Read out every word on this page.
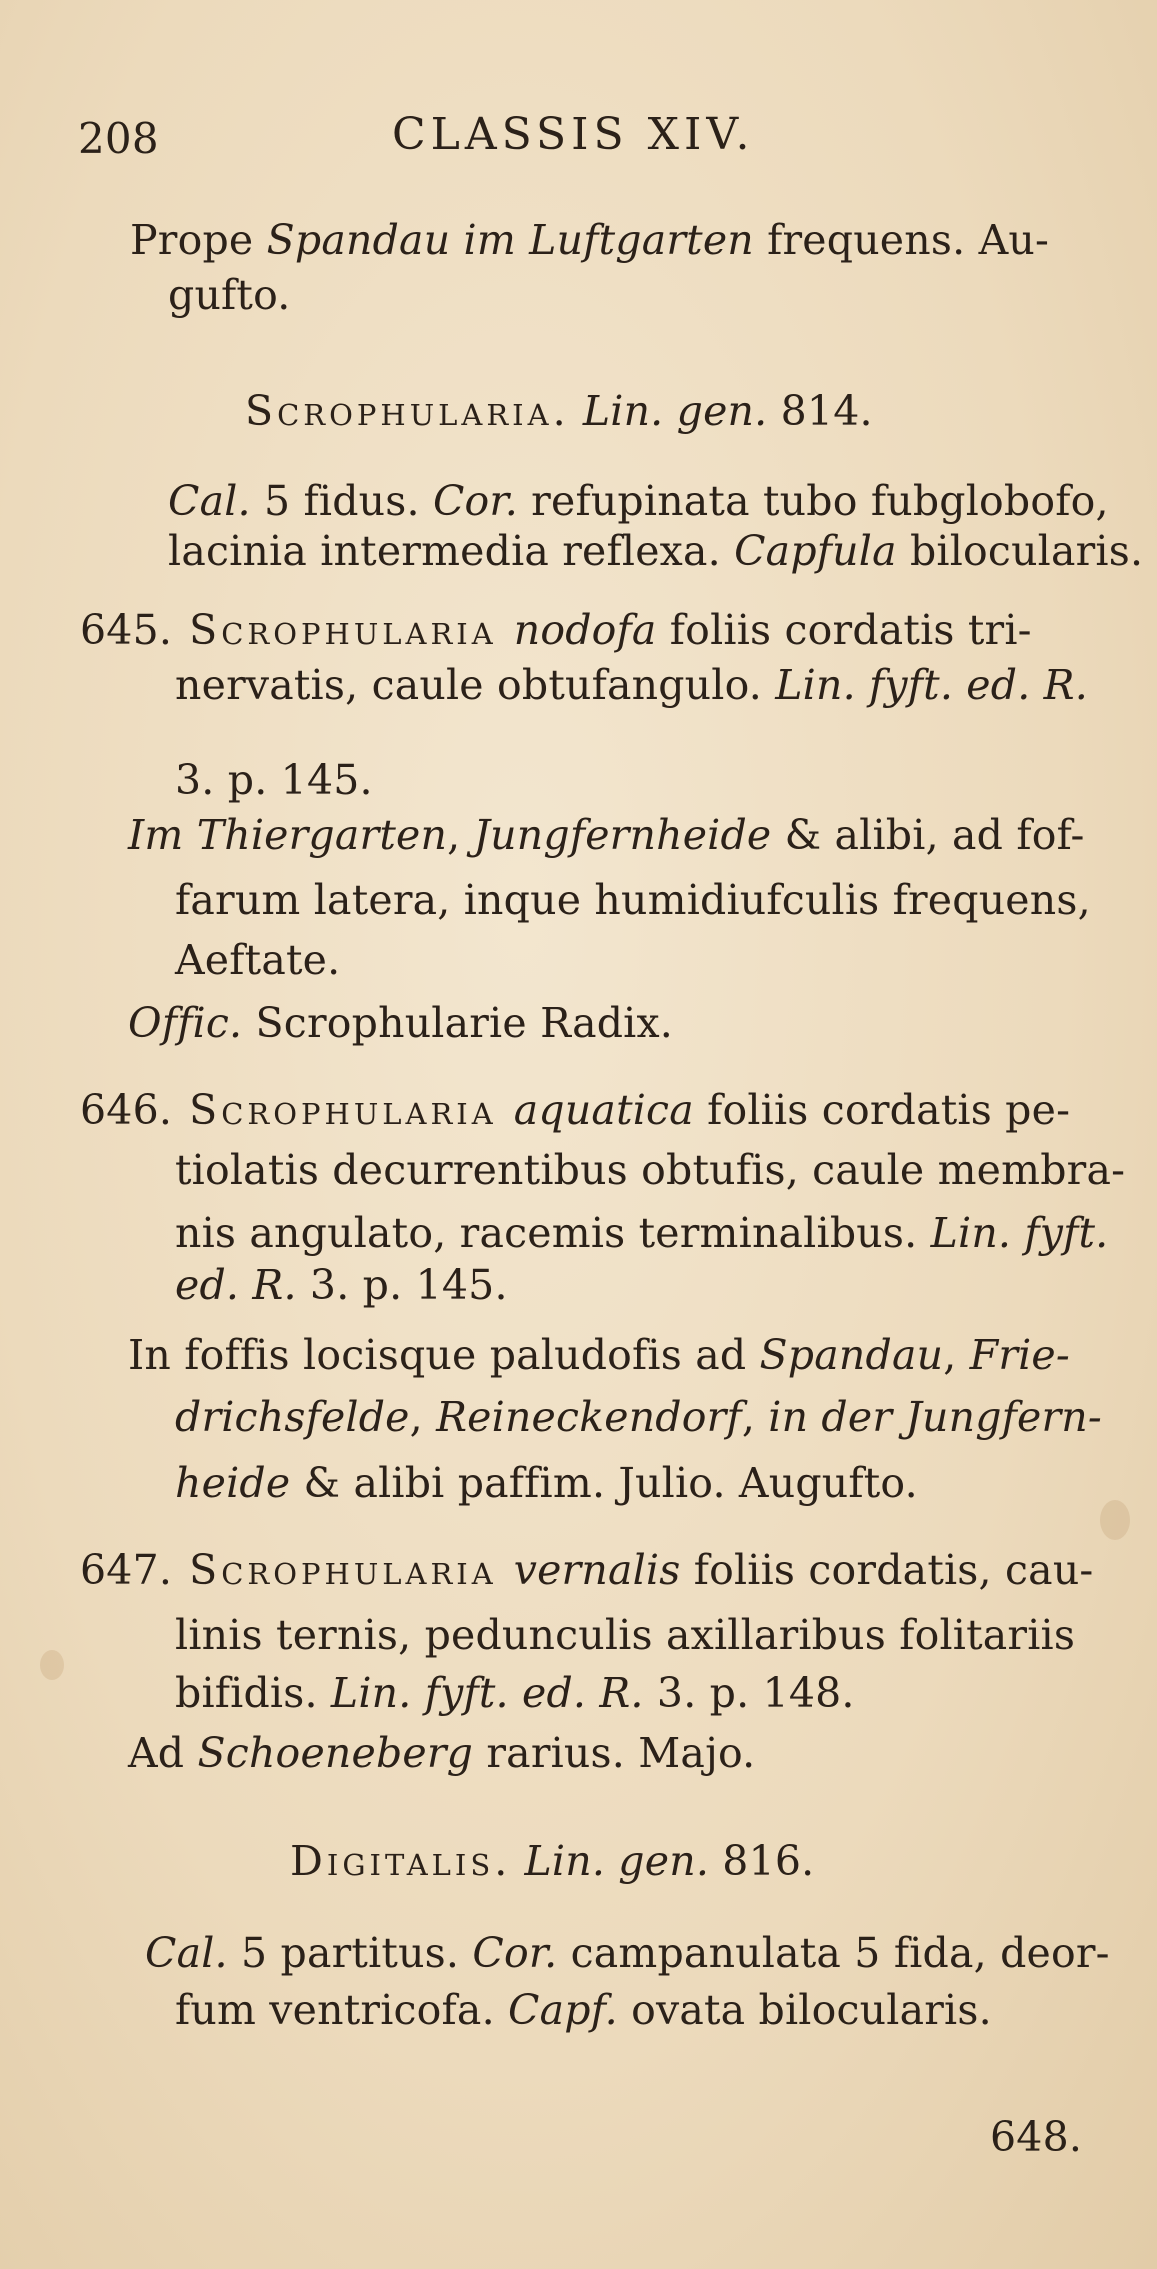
208	CLASSIS XIV.
Prope Spandau im Luftgarten frequens. Au-
gufto.
Scrophularia. Lin. gen. 814.
Cal. 5 fidus. Cor. refupinata tubo fubglobofo,
lacinia intermedia reflexa. Capfula bilocularis.
645. Scrophularia nodofa foliis cordatis tri-
nervatis, caule obtufangulo. Lin. fyft. ed. R.
3. p. 145.
Im Thiergarten, Jungfernheide & alibi, ad fof-
farum latera, inque humidiufculis frequens,
Aeftate.
Offic. Scrophularie Radix.
646. Scrophularia aquatica foliis cordatis pe-
tiolatis decurrentibus obtufis, caule membra-
nis angulato, racemis terminalibus. Lin. fyft.
ed. R. 3. p. 145.
In foffis locisque paludofis ad Spandau, Frie-
drichsfelde, Reineckendorf, in der Jungfern-
heide & alibi paffim. Julio. Augufto.
647. Scrophularia vernalis foliis cordatis, cau-
linis ternis, pedunculis axillaribus folitariis
bifidis. Lin. fyft. ed. R. 3. p. 148.
Ad Schoeneberg rarius. Majo.
Digitalis. Lin. gen. 816.
Cal. 5 partitus. Cor. campanulata 5 fida, deor-
fum ventricofa. Capf. ovata bilocularis.
648.
